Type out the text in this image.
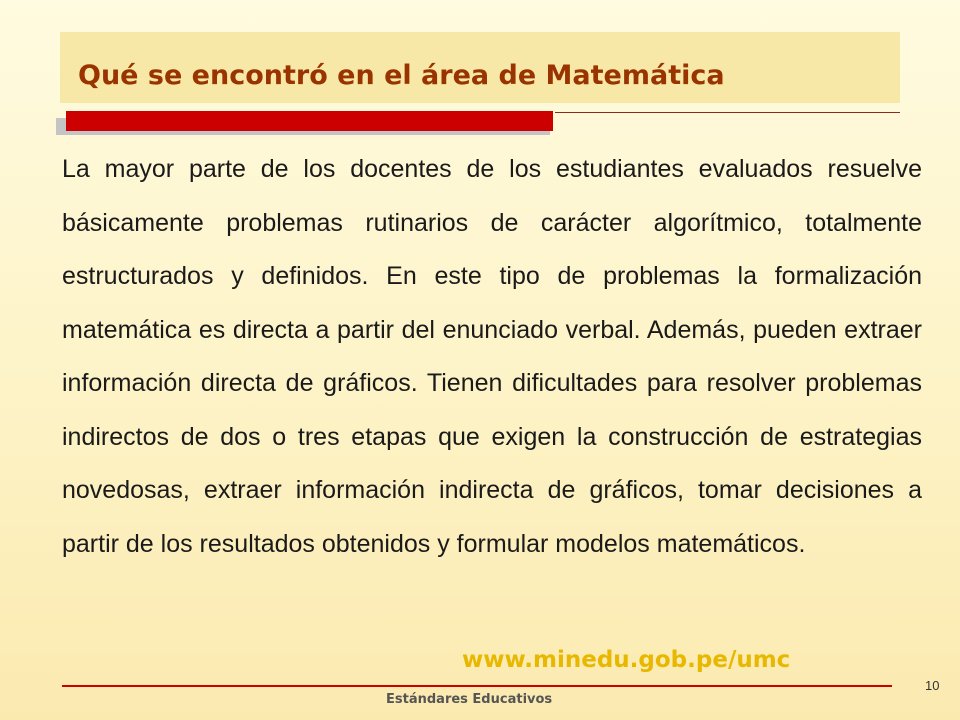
Qué se encontró en el área de Matemática
La mayor parte de los docentes de los estudiantes evaluados resuelve básicamente problemas rutinarios de carácter algorítmico, totalmente estructurados y definidos. En este tipo de problemas la formalización matemática es directa a partir del enunciado verbal. Además, pueden extraer información directa de gráficos. Tienen dificultades para resolver problemas indirectos de dos o tres etapas que exigen la construcción de estrategias novedosas, extraer información indirecta de gráficos, tomar decisiones a partir de los resultados obtenidos y formular modelos matemáticos.
www.minedu.gob.pe/umc
Estándares Educativos
10
